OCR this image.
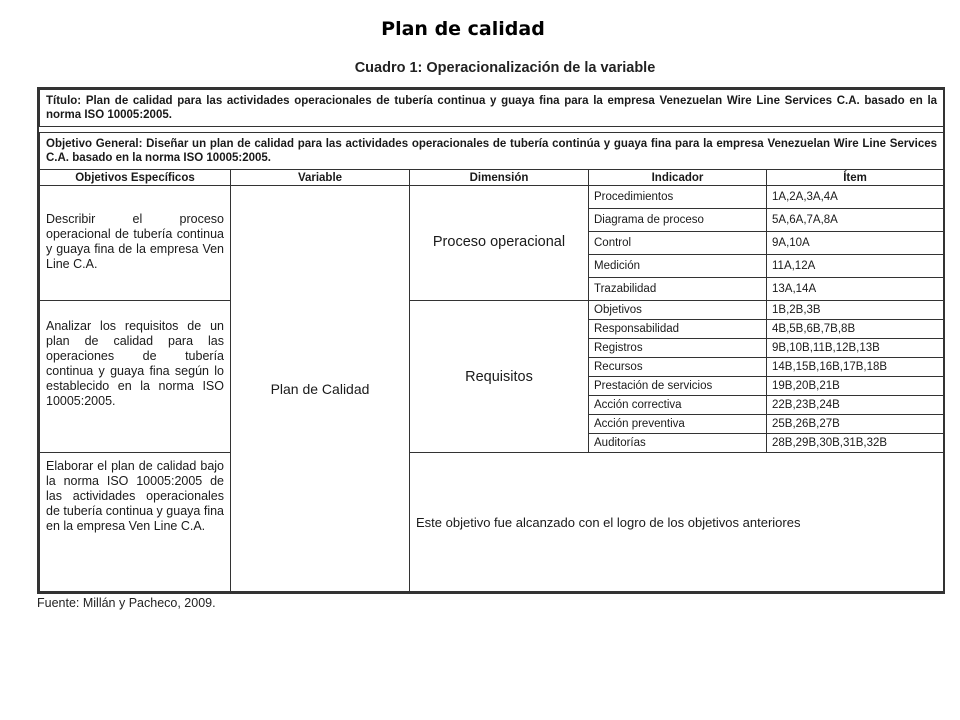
Plan de calidad
Cuadro 1: Operacionalización de la variable
Título: Plan de calidad para las actividades operacionales de tubería continua y guaya fina para la empresa Venezuelan Wire Line Services C.A. basado en la norma ISO 10005:2005.				

Objetivo General: Diseñar un plan de calidad para las actividades operacionales de tubería continúa y guaya fina para la empresa Venezuelan Wire Line Services C.A. basado en la norma ISO 10005:2005.				
Objetivos Específicos	Variable	Dimensión	Indicador	Ítem
Describir el proceso operacional de tubería continua y guaya fina de la empresa Ven Line C.A.	Plan de Calidad	Proceso operacional	Procedimientos	1A,2A,3A,4A
			Diagrama de proceso	5A,6A,7A,8A
			Control	9A,10A
			Medición	11A,12A
			Trazabilidad	13A,14A
Analizar los requisitos de un plan de calidad para las operaciones de tubería continua y guaya fina según lo establecido en la norma ISO 10005:2005.		Requisitos	Objetivos	1B,2B,3B
			Responsabilidad	4B,5B,6B,7B,8B
			Registros	9B,10B,11B,12B,13B
			Recursos	14B,15B,16B,17B,18B
			Prestación de servicios	19B,20B,21B
			Acción correctiva	22B,23B,24B
			Acción preventiva	25B,26B,27B
			Auditorías	28B,29B,30B,31B,32B
Elaborar el plan de calidad bajo la norma ISO 10005:2005 de las actividades operacionales de tubería continua y guaya fina en la empresa Ven Line C.A.		Este objetivo fue alcanzado con el logro de los objetivos anteriores		
Fuente: Millán y Pacheco, 2009.
